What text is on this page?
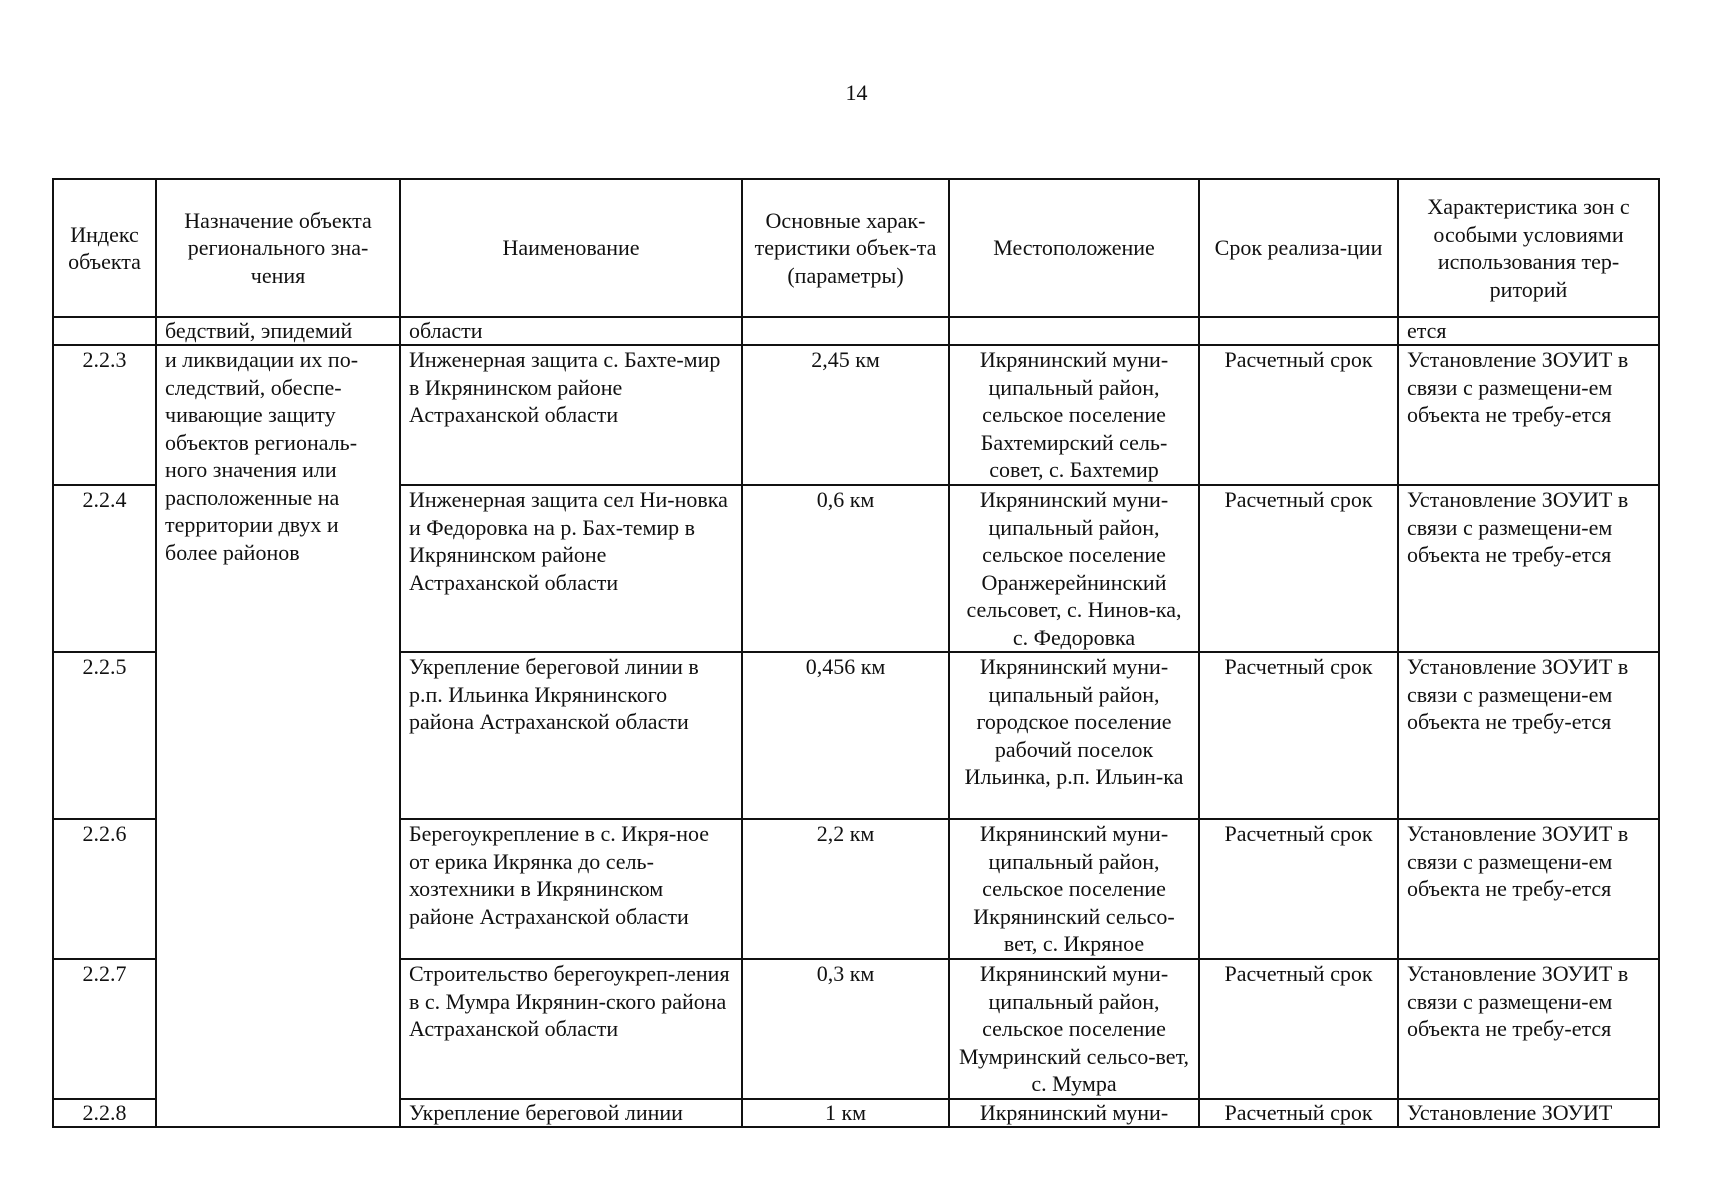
14
Индекс объекта	Назначение объекта регионального зна-чения	Наименование	Основные харак-теристики объек-та (параметры)	Местоположение	Срок реализа-ции	Характеристика зон с особыми условиями использования тер-риторий
	бедствий, эпидемий	области				ется
2.2.3	и ликвидации их по-следствий, обеспе-чивающие защиту объектов региональ-ного значения или расположенные на территории двух и более районов	Инженерная защита с. Бахте-мир в Икрянинском районе Астраханской области	2,45 км	Икрянинский муни-ципальный район, сельское поселение Бахтемирский сель-совет, с. Бахтемир	Расчетный срок	Установление ЗОУИТ в связи с размещени-ем объекта не требу-ется
2.2.4		Инженерная защита сел Ни-новка и Федоровка на р. Бах-темир в Икрянинском районе Астраханской области	0,6 км	Икрянинский муни-ципальный район, сельское поселение Оранжерейнинский сельсовет, с. Нинов-ка, с. Федоровка	Расчетный срок	Установление ЗОУИТ в связи с размещени-ем объекта не требу-ется
2.2.5		Укрепление береговой линии в р.п. Ильинка Икрянинского района Астраханской области	0,456 км	Икрянинский муни-ципальный район, городское поселение рабочий поселок Ильинка, р.п. Ильин-ка	Расчетный срок	Установление ЗОУИТ в связи с размещени-ем объекта не требу-ется
2.2.6		Берегоукрепление в с. Икря-ное от ерика Икрянка до сель-хозтехники в Икрянинском районе Астраханской области	2,2 км	Икрянинский муни-ципальный район, сельское поселение Икрянинский сельсо-вет, с. Икряное	Расчетный срок	Установление ЗОУИТ в связи с размещени-ем объекта не требу-ется
2.2.7		Строительство берегоукреп-ления в с. Мумра Икрянин-ского района Астраханской области	0,3 км	Икрянинский муни-ципальный район, сельское поселение Мумринский сельсо-вет, с. Мумра	Расчетный срок	Установление ЗОУИТ в связи с размещени-ем объекта не требу-ется
2.2.8		Укрепление береговой линии	1 км	Икрянинский муни-	Расчетный срок	Установление ЗОУИТ
